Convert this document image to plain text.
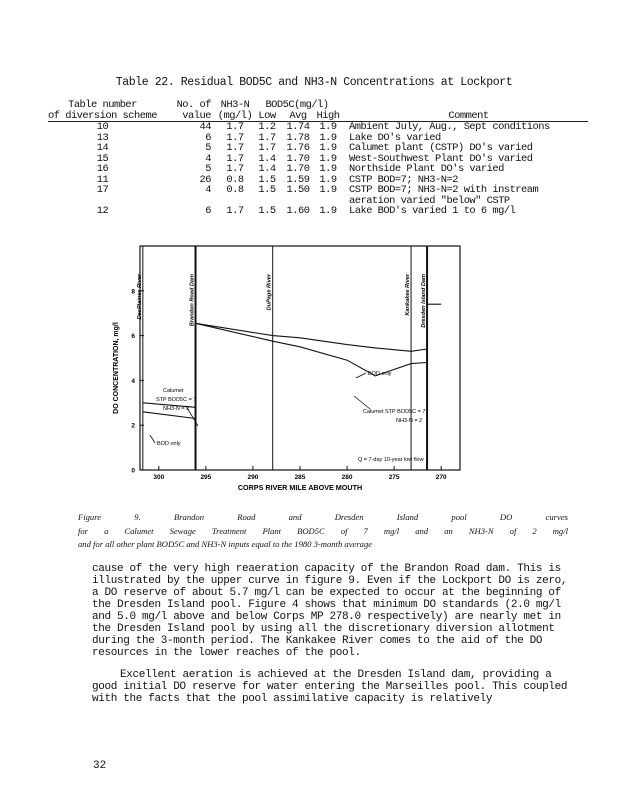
Table 22. Residual BOD5C and NH3-N Concentrations at Lockport
Table number	No. of	NH3-N	BOD5C(mg/l)			
of diversion scheme	value	(mg/l)	Low	Avg	High	Comment
10	44	1.7	1.2	1.74	1.9	Ambient July, Aug., Sept conditions
13	6	1.7	1.7	1.78	1.9	Lake DO's varied
14	5	1.7	1.7	1.76	1.9	Calumet plant (CSTP) DO's varied
15	4	1.7	1.4	1.70	1.9	West-Southwest Plant DO's varied
16	5	1.7	1.4	1.70	1.9	Northside Plant DO's varied
11	26	0.8	1.5	1.59	1.9	CSTP BOD=7; NH3-N=2
17	4	0.8	1.5	1.50	1.9	CSTP BOD=7; NH3-N=2 with instream
						aeration varied "below" CSTP
12	6	1.7	1.5	1.60	1.9	Lake BOD's varied 1 to 6 mg/l
Dresden Island Dam
Kankakee River
DuPage River
Brandon Road Dam
DesPlaines River
8
6
4
2
0
270
275
280
285
290
295
300
DO CONCENTRATION, mg/l
CORPS RIVER MILE ABOVE MOUTH
BOD only
Calumet
STP BOD5C = 7
NH3-N = 2
BOD only
Calumet STP BOD5C = 7
NH3-N = 2
Q = 7-day 10-year low flow

Figure 9. Brandon Road and Dresden Island pool DO curves

for a Calumet Sewage Treatment Plant BOD5C of 7 mg/l and an NH3-N of 2 mg/l

and for all other plant BOD5C and NH3-N inputs equal to the 1980 3-month average

cause of the very high reaeration capacity of the Brandon Road dam. This is illustrated by the upper curve in figure 9. Even if the Lockport DO is zero, a DO reserve of about 5.7 mg/l can be expected to occur at the beginning of the Dresden Island pool. Figure 4 shows that minimum DO standards (2.0 mg/l and 5.0 mg/l above and below Corps MP 278.0 respectively) are nearly met in the Dresden Island pool by using all the discretionary diversion allotment during the 3-month period. The Kankakee River comes to the aid of the DO resources in the lower reaches of the pool.

Excellent aeration is achieved at the Dresden Island dam, providing a good initial DO reserve for water entering the Marseilles pool. This coupled with the facts that the pool assimilative capacity is relatively

32
